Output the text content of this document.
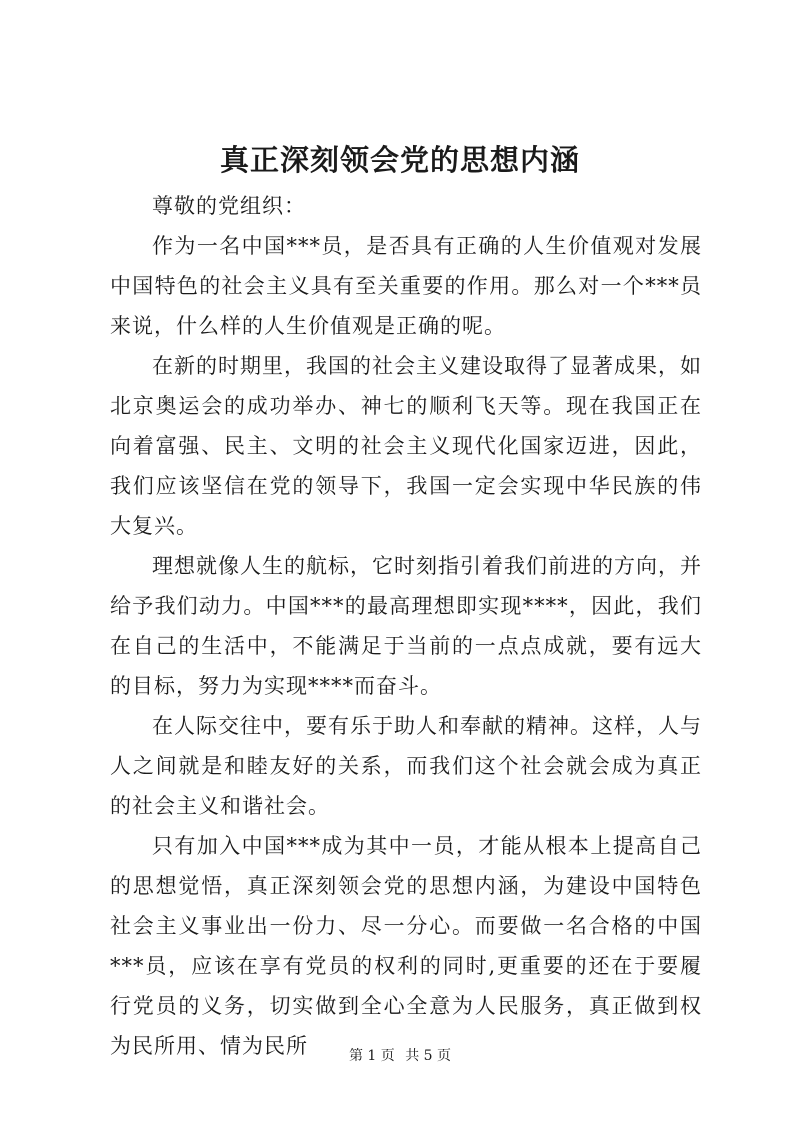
真正深刻领会党的思想内涵

尊敬的党组织：

作为一名中国***员，是否具有正确的人生价值观对发展中国特色的社会主义具有至关重要的作用。那么对一个***员来说，什么样的人生价值观是正确的呢。

在新的时期里，我国的社会主义建设取得了显著成果，如北京奥运会的成功举办、神七的顺利飞天等。现在我国正在向着富强、民主、文明的社会主义现代化国家迈进，因此，我们应该坚信在党的领导下，我国一定会实现中华民族的伟大复兴。

理想就像人生的航标，它时刻指引着我们前进的方向，并给予我们动力。中国***的最高理想即实现****，因此，我们在自己的生活中，不能满足于当前的一点点成就，要有远大的目标，努力为实现****而奋斗。

在人际交往中，要有乐于助人和奉献的精神。这样，人与人之间就是和睦友好的关系，而我们这个社会就会成为真正的社会主义和谐社会。

只有加入中国***成为其中一员，才能从根本上提高自己的思想觉悟，真正深刻领会党的思想内涵，为建设中国特色社会主义事业出一份力、尽一分心。而要做一名合格的中国***员，应该在享有党员的权利的同时,更重要的还在于要履行党员的义务，切实做到全心全意为人民服务，真正做到权为民所用、情为民所	第 1 页 共 5 页
